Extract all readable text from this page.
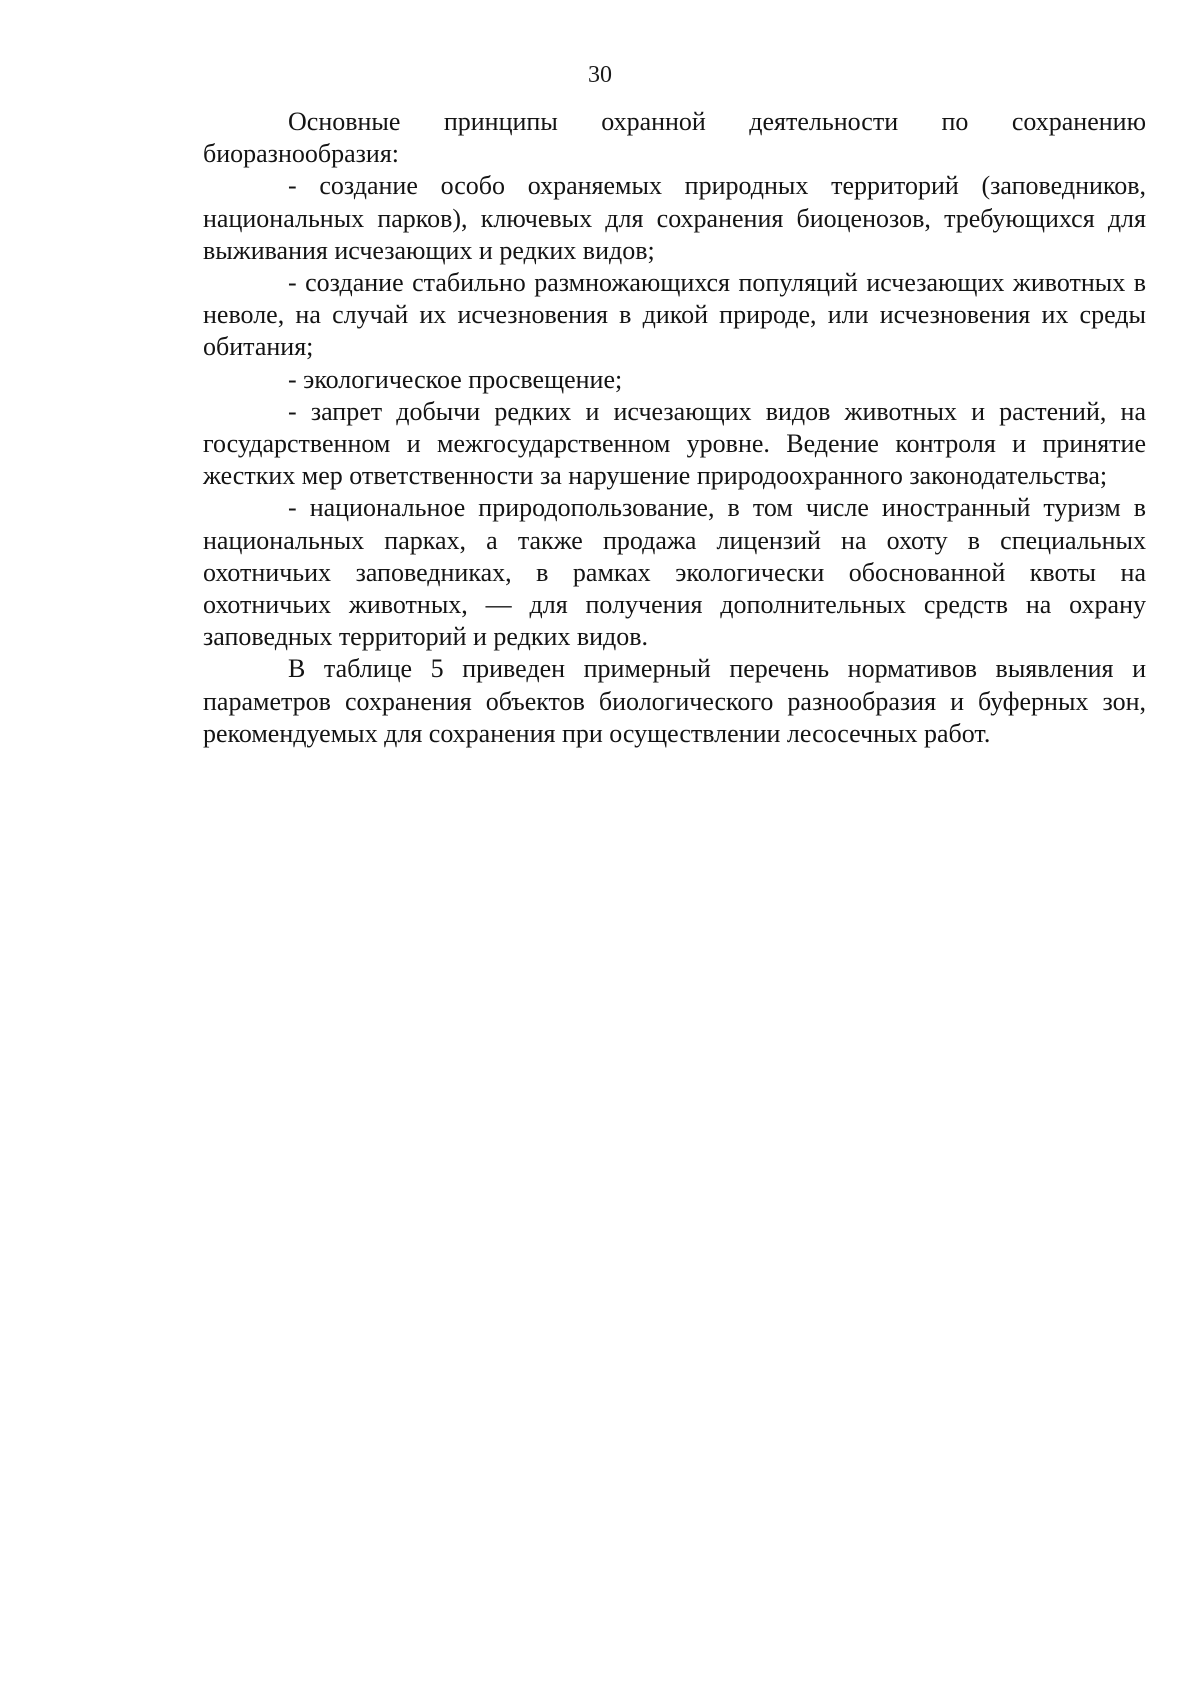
30

Основные принципы охранной деятельности по сохранению биоразнообразия:

- создание особо охраняемых природных территорий (заповедников, национальных парков), ключевых для сохранения биоценозов, требующихся для выживания исчезающих и редких видов;

- создание стабильно размножающихся популяций исчезающих животных в неволе, на случай их исчезновения в дикой природе, или исчезновения их среды обитания;

- экологическое просвещение;

- запрет добычи редких и исчезающих видов животных и растений, на государственном и межгосударственном уровне. Ведение контроля и принятие жестких мер ответственности за нарушение природоохранного законодательства;

- национальное природопользование, в том числе иностранный туризм в национальных парках, а также продажа лицензий на охоту в специальных охотничьих заповедниках, в рамках экологически обоснованной квоты на охотничьих животных, — для получения дополнительных средств на охрану заповедных территорий и редких видов.

В таблице 5 приведен примерный перечень нормативов выявления и параметров сохранения объектов биологического разнообразия и буферных зон, рекомендуемых для сохранения при осуществлении лесосечных работ.
